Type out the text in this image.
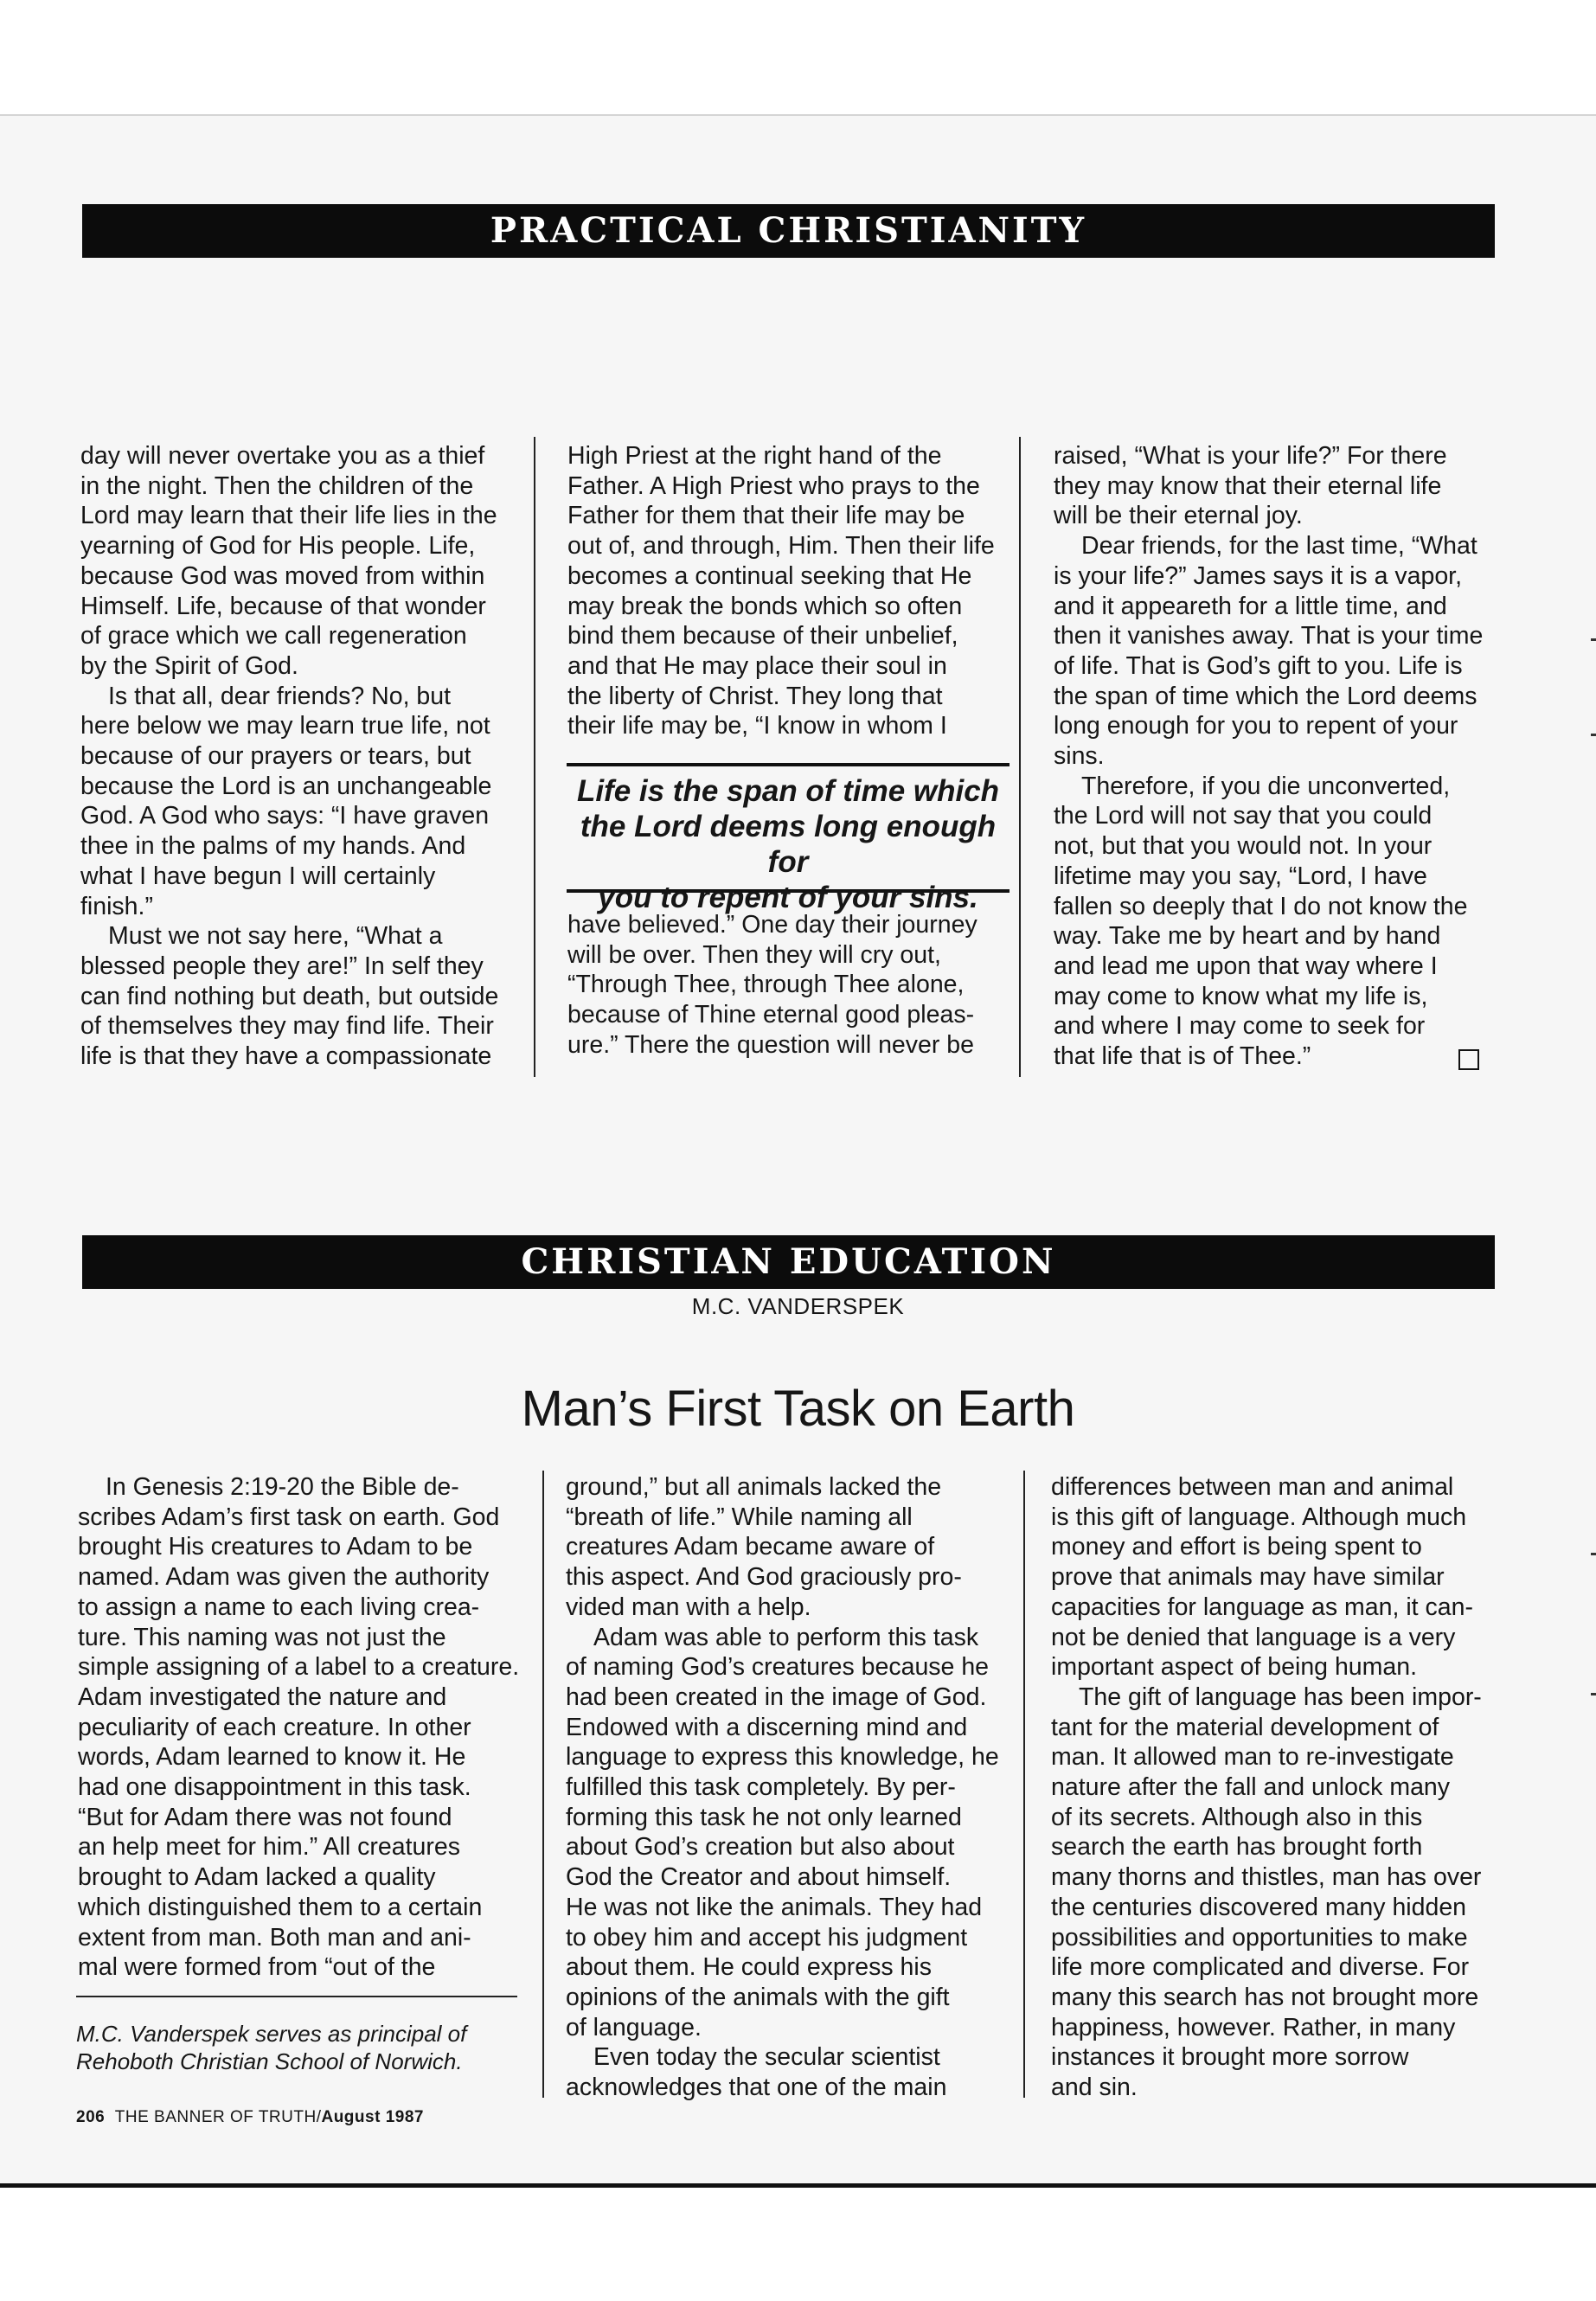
PRACTICAL CHRISTIANITY

day will never overtake you as a thief
in the night. Then the children of the
Lord may learn that their life lies in the
yearning of God for His people. Life,
because God was moved from within
Himself. Life, because of that wonder
of grace which we call regeneration
by the Spirit of God.

Is that all, dear friends? No, but
here below we may learn true life, not
because of our prayers or tears, but
because the Lord is an unchangeable
God. A God who says: “I have graven
thee in the palms of my hands. And
what I have begun I will certainly
finish.”

Must we not say here, “What a
blessed people they are!” In self they
can find nothing but death, but outside
of themselves they may find life. Their
life is that they have a compassionate

High Priest at the right hand of the
Father. A High Priest who prays to the
Father for them that their life may be
out of, and through, Him. Then their life
becomes a continual seeking that He
may break the bonds which so often
bind them because of their unbelief,
and that He may place their soul in
the liberty of Christ. They long that
their life may be, “I know in whom I

Life is the span of time which
the Lord deems long enough for
you to repent of your sins.

have believed.” One day their journey
will be over. Then they will cry out,
“Through Thee, through Thee alone,
because of Thine eternal good pleas-
ure.” There the question will never be

raised, “What is your life?” For there
they may know that their eternal life
will be their eternal joy.

Dear friends, for the last time, “What
is your life?” James says it is a vapor,
and it appeareth for a little time, and
then it vanishes away. That is your time
of life. That is God’s gift to you. Life is
the span of time which the Lord deems
long enough for you to repent of your
sins.

Therefore, if you die unconverted,
the Lord will not say that you could
not, but that you would not. In your
lifetime may you say, “Lord, I have
fallen so deeply that I do not know the
way. Take me by heart and by hand
and lead me upon that way where I
may come to know what my life is,
and where I may come to seek for
that life that is of Thee.”

CHRISTIAN EDUCATION
M.C. VANDERSPEK
Man’s First Task on Earth

In Genesis 2:19-20 the Bible de-
scribes Adam’s first task on earth. God
brought His creatures to Adam to be
named. Adam was given the authority
to assign a name to each living crea-
ture. This naming was not just the
simple assigning of a label to a creature.
Adam investigated the nature and
peculiarity of each creature. In other
words, Adam learned to know it. He
had one disappointment in this task.
“But for Adam there was not found
an help meet for him.” All creatures
brought to Adam lacked a quality
which distinguished them to a certain
extent from man. Both man and ani-
mal were formed from “out of the

M.C. Vanderspek serves as principal of
Rehoboth Christian School of Norwich.

ground,” but all animals lacked the
“breath of life.” While naming all
creatures Adam became aware of
this aspect. And God graciously pro-
vided man with a help.

Adam was able to perform this task
of naming God’s creatures because he
had been created in the image of God.
Endowed with a discerning mind and
language to express this knowledge, he
fulfilled this task completely. By per-
forming this task he not only learned
about God’s creation but also about
God the Creator and about himself.
He was not like the animals. They had
to obey him and accept his judgment
about them. He could express his
opinions of the animals with the gift
of language.

Even today the secular scientist
acknowledges that one of the main

differences between man and animal
is this gift of language. Although much
money and effort is being spent to
prove that animals may have similar
capacities for language as man, it can-
not be denied that language is a very
important aspect of being human.

The gift of language has been impor-
tant for the material development of
man. It allowed man to re-investigate
nature after the fall and unlock many
of its secrets. Although also in this
search the earth has brought forth
many thorns and thistles, man has over
the centuries discovered many hidden
possibilities and opportunities to make
life more complicated and diverse. For
many this search has not brought more
happiness, however. Rather, in many
instances it brought more sorrow
and sin.

206 THE BANNER OF TRUTH/August 1987
